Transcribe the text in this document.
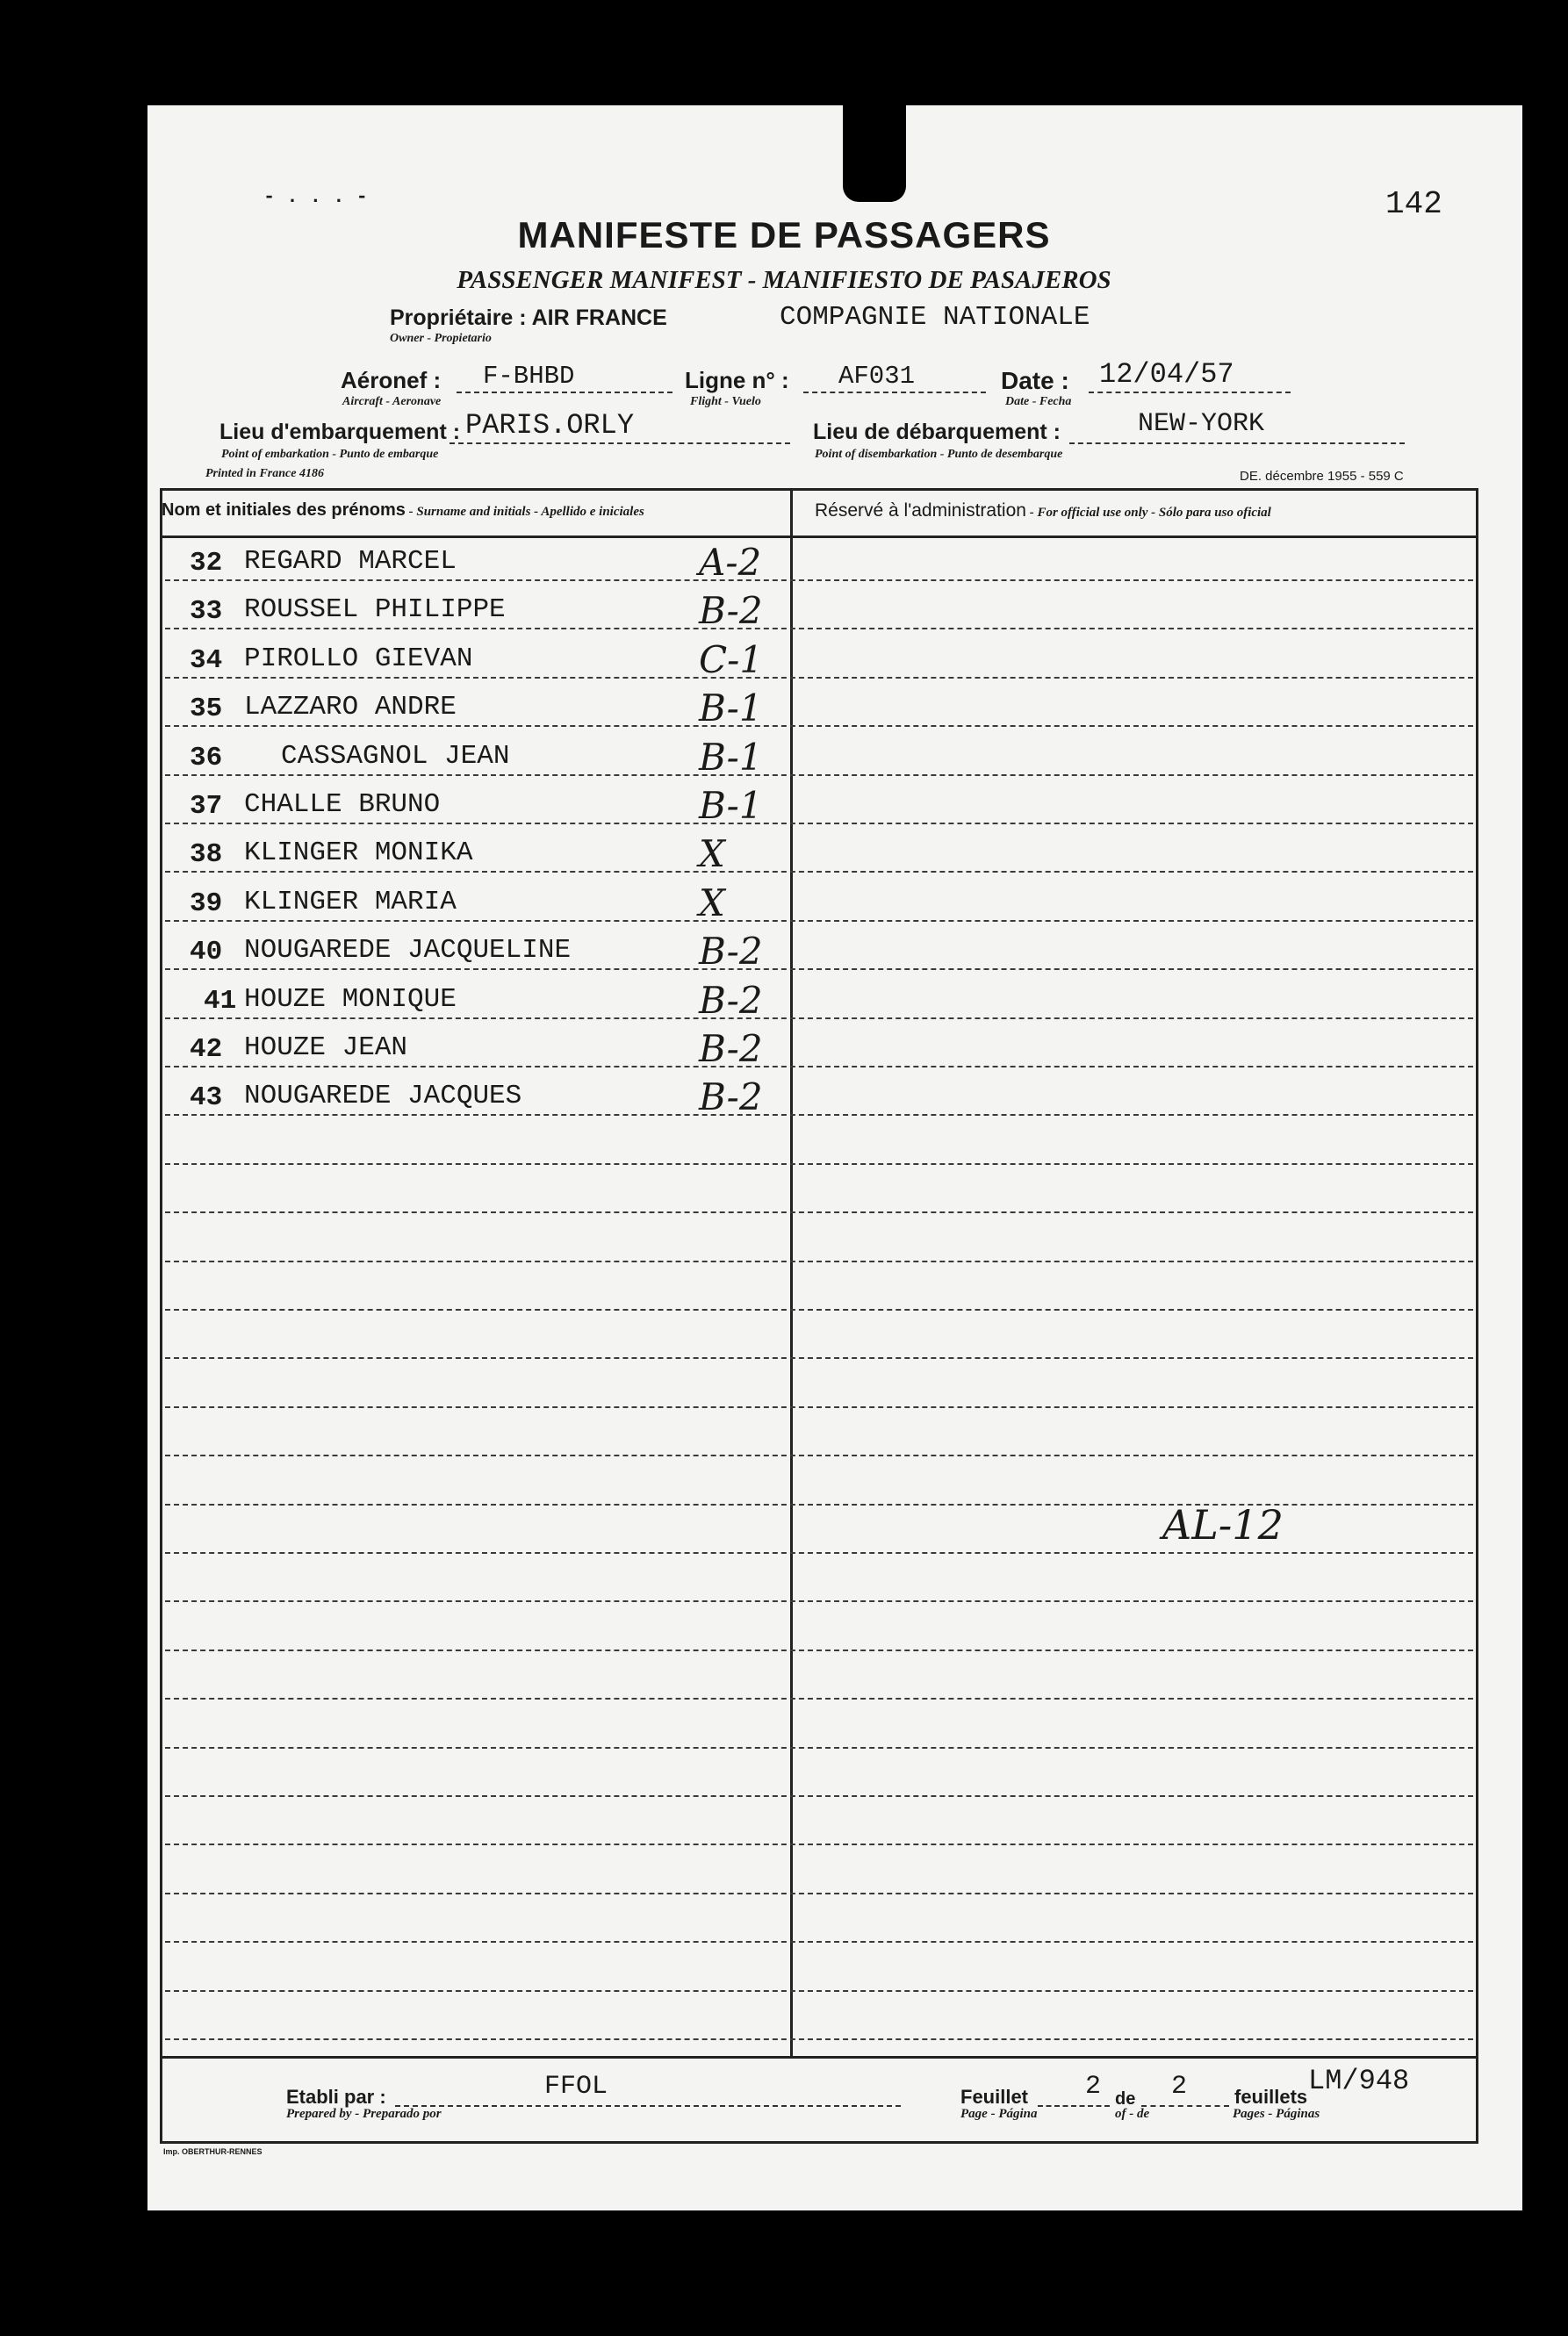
- . . . -	142
MANIFESTE DE PASSAGERS
PASSENGER MANIFEST - MANIFIESTO DE PASAJEROS
Propriétaire : AIR FRANCE	COMPAGNIE NATIONALE
Owner - Propietario
Aéronef : F-BHBD
Aircraft - Aeronave
Ligne n° : AF031
Flight - Vuelo
Date : 12/04/57
Date - Fecha
Lieu d'embarquement : PARIS.ORLY
Point of embarkation - Punto de embarque
Lieu de débarquement :	NEW-YORK
Point of disembarkation - Punto de desembarque
Printed in France 4186	DE. décembre 1955 - 559 C
Nom et initiales des prénoms - Surname and initials - Apellido e iniciales	Réservé à l'administration - For official use only - Sólo para uso oficial
32 REGARD MARCEL	A-2
33 ROUSSEL PHILIPPE	B-2
34 PIROLLO GIEVAN	C-1
35 LAZZARO ANDRE	B-1
36 CASSAGNOL JEAN	B-1
37 CHALLE BRUNO	B-1
38 KLINGER MONIKA	X
39 KLINGER MARIA	X
40 NOUGAREDE JACQUELINE	B-2
41 HOUZE MONIQUE	B-2
42 HOUZE JEAN	B-2
43 NOUGAREDE JACQUES	B-2
AL-12
Etabli par :
Prepared by - Preparado por
FFOL	Feuillet 2 de 2 feuillets LM/948
Page - Página	of - de	Pages - Páginas
Imp. OBERTHUR-RENNES
